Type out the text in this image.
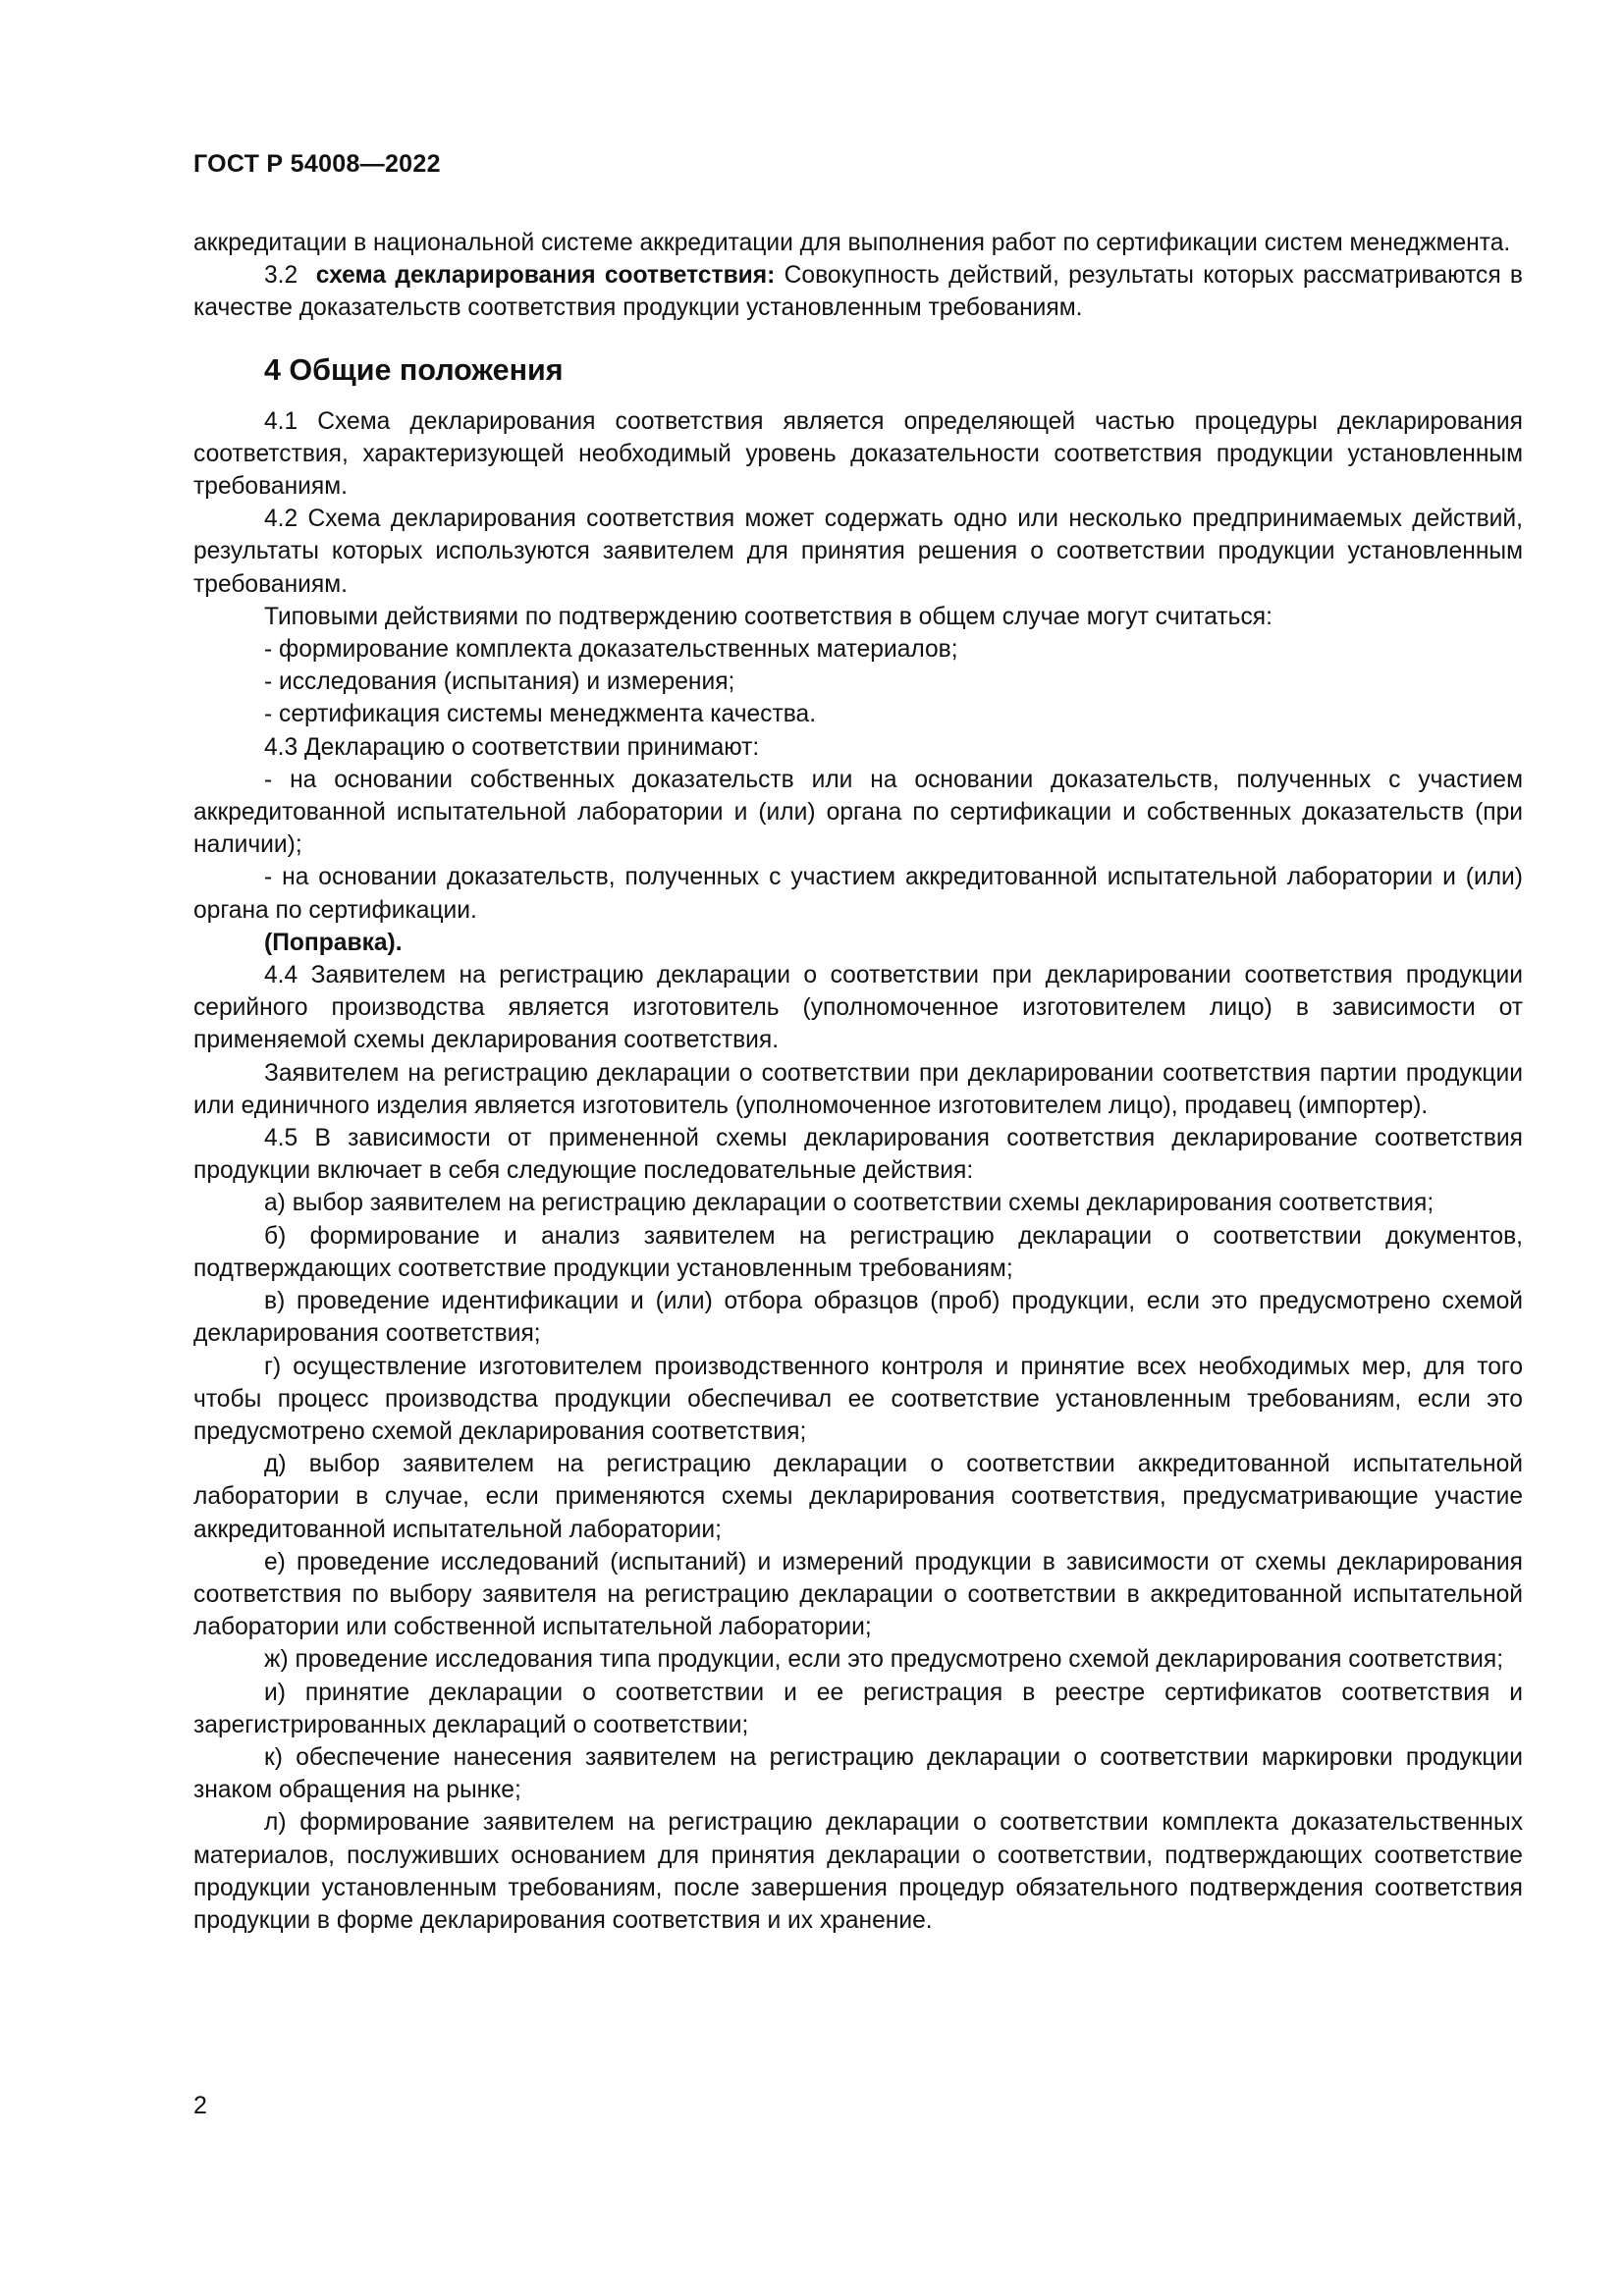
ГОСТ Р 54008—2022

аккредитации в национальной системе аккредитации для выполнения работ по сертификации систем менеджмента.

3.2 схема декларирования соответствия: Совокупность действий, результаты которых рассматриваются в качестве доказательств соответствия продукции установленным требованиям.

4 Общие положения

4.1 Схема декларирования соответствия является определяющей частью процедуры декларирования соответствия, характеризующей необходимый уровень доказательности соответствия продукции установленным требованиям.

4.2 Схема декларирования соответствия может содержать одно или несколько предпринимаемых действий, результаты которых используются заявителем для принятия решения о соответствии продукции установленным требованиям.

Типовыми действиями по подтверждению соответствия в общем случае могут считаться:

- формирование комплекта доказательственных материалов;

- исследования (испытания) и измерения;

- сертификация системы менеджмента качества.

4.3 Декларацию о соответствии принимают:

- на основании собственных доказательств или на основании доказательств, полученных с участием аккредитованной испытательной лаборатории и (или) органа по сертификации и собственных доказательств (при наличии);

- на основании доказательств, полученных с участием аккредитованной испытательной лаборатории и (или) органа по сертификации.

(Поправка).

4.4 Заявителем на регистрацию декларации о соответствии при декларировании соответствия продукции серийного производства является изготовитель (уполномоченное изготовителем лицо) в зависимости от применяемой схемы декларирования соответствия.

Заявителем на регистрацию декларации о соответствии при декларировании соответствия партии продукции или единичного изделия является изготовитель (уполномоченное изготовителем лицо), продавец (импортер).

4.5 В зависимости от примененной схемы декларирования соответствия декларирование соответствия продукции включает в себя следующие последовательные действия:

а) выбор заявителем на регистрацию декларации о соответствии схемы декларирования соответствия;

б) формирование и анализ заявителем на регистрацию декларации о соответствии документов, подтверждающих соответствие продукции установленным требованиям;

в) проведение идентификации и (или) отбора образцов (проб) продукции, если это предусмотрено схемой декларирования соответствия;

г) осуществление изготовителем производственного контроля и принятие всех необходимых мер, для того чтобы процесс производства продукции обеспечивал ее соответствие установленным требованиям, если это предусмотрено схемой декларирования соответствия;

д) выбор заявителем на регистрацию декларации о соответствии аккредитованной испытательной лаборатории в случае, если применяются схемы декларирования соответствия, предусматривающие участие аккредитованной испытательной лаборатории;

е) проведение исследований (испытаний) и измерений продукции в зависимости от схемы декларирования соответствия по выбору заявителя на регистрацию декларации о соответствии в аккредитованной испытательной лаборатории или собственной испытательной лаборатории;

ж) проведение исследования типа продукции, если это предусмотрено схемой декларирования соответствия;

и) принятие декларации о соответствии и ее регистрация в реестре сертификатов соответствия и зарегистрированных деклараций о соответствии;

к) обеспечение нанесения заявителем на регистрацию декларации о соответствии маркировки продукции знаком обращения на рынке;

л) формирование заявителем на регистрацию декларации о соответствии комплекта доказательственных материалов, послуживших основанием для принятия декларации о соответствии, подтверждающих соответствие продукции установленным требованиям, после завершения процедур обязательного подтверждения соответствия продукции в форме декларирования соответствия и их хранение.

2
